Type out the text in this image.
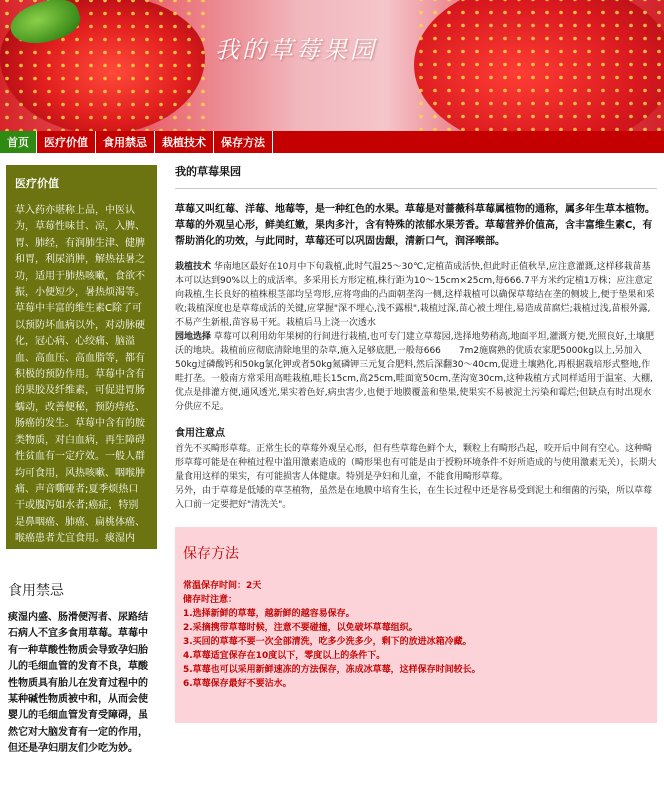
我的草莓果园
首页	医疗价值	食用禁忌	栽植技术	保存方法
医疗价值

草入药亦堪称上品，中医认为，草莓性味甘、凉，入脾、胃、肺经，有润肺生津、健脾和胃，利尿消肿，解热祛暑之功，适用于肺热咳嗽，食欲不振，小便短少，暑热烦渴等。草莓中丰富的维生素C除了可以预防坏血病以外，对动脉硬化，冠心病、心绞痛、脑溢血、高血压、高血脂等，都有积极的预防作用。草莓中含有的果胶及纤维素，可促进胃肠蠕动，改善便秘，预防痔疮、肠癌的发生。草莓中含有的胺类物质，对白血病，再生障碍性贫血有一定疗效。一般人群均可食用，风热咳嗽、咽喉肿痛、声音嘶哑者;夏季烦热口干或腹泻如水者;癌症，特别是鼻咽癌、肺癌、扁桃体癌、喉癌患者尤宜食用。痰湿内盛、肠滑便泻者、尿路结石病人不宜多食。

食用禁忌
痰湿内盛、肠滑便泻者、尿路结石病人不宜多食用草莓。草莓中有一种草酸性物质会导致孕妇胎儿的毛细血管的发育不良，草酸性物质具有胎儿在发育过程中的某种碱性物质被中和，从而会使婴儿的毛细血管发育受障碍，虽然它对大脑发育有一定的作用，但还是孕妇朋友们少吃为妙。
我的草莓果园

草莓又叫红莓、洋莓、地莓等，是一种红色的水果。草莓是对蔷薇科草莓属植物的通称，属多年生草本植物。草莓的外观呈心形，鲜美红嫩，果肉多汁，含有特殊的浓郁水果芳香。草莓营养价值高，含丰富维生素C，有帮助消化的功效，与此同时，草莓还可以巩固齿龈，清新口气，润泽喉部。

栽植技术 华南地区最好在10月中下旬栽植,此时气温25～30℃,定植苗成活快,但此时正值秋旱,应注意灌溉,这样移栽苗基本可以达到90%以上的成活率。多采用长方形定植,株行距为10～15cm×25cm,每666.7平方米约定植1万株；应注意定向栽植,生长良好的植株根茎部均呈弯形,应将弯曲的凸面朝垄沟一侧,这样栽植可以确保草莓结在垄的侧坡上,便于垫果和采收;栽植深度也是草莓成活的关键,应掌握"深不埋心,浅不露根",栽植过深,苗心被土埋住,易造成苗腐烂;栽植过浅,苗根外露,不易产生新根,苗容易干死。栽植后马上浇一次透水
园地选择 草莓可以利用幼年果树的行间进行栽植,也可专门建立草莓园,选择地势稍高,地面平坦,灌溉方便,光照良好,土壤肥沃的地块。栽植前应彻底清除地里的杂草,施入足够底肥,一般每666　　7m2施腐熟的优质农家肥5000kg以上,另加入50kg过磷酸钙和50kg氯化钾或者50kg氮磷钾三元复合肥料,然后深翻30～40cm,促进土壤熟化,再根据栽培形式整地,作畦打垄。一般南方常采用高畦栽植,畦长15cm,高25cm,畦面宽50cm,垄沟宽30cm,这种栽植方式同样适用于温室、大棚,优点是排灌方便,通风透光,果实着色好,病虫害少,也便于地膜覆盖和垫果,使果实不易被泥土污染和霉烂;但缺点有时出现水分供应不足。

食用注意点

首先不买畸形草莓。正常生长的草莓外观呈心形，但有些草莓色鲜个大，颗粒上有畸形凸起，咬开后中间有空心。这种畸形草莓可能是在种植过程中滥用激素造成的（畸形果也有可能是由于授粉环境条件不好所造成的与使用激素无关），长期大量食用这样的果实，有可能损害人体健康。特别是孕妇和儿童，不能食用畸形草莓。

另外，由于草莓是低矮的草茎植物，虽然是在地膜中培育生长，在生长过程中还是容易受到泥土和细菌的污染，所以草莓入口前一定要把好"清洗关"。

保存方法

常温保存时间：2天

储存时注意：

1.选择新鲜的草莓，越新鲜的越容易保存。

2.采摘携带草莓时候，注意不要碰撞，以免破坏草莓组织。

3.买回的草莓不要一次全部清洗，吃多少洗多少，剩下的放进冰箱冷藏。

4.草莓适宜保存在10度以下，零度以上的条件下。

5.草莓也可以采用新鲜速冻的方法保存，冻成冰草莓，这样保存时间较长。

6.草莓保存最好不要沾水。
